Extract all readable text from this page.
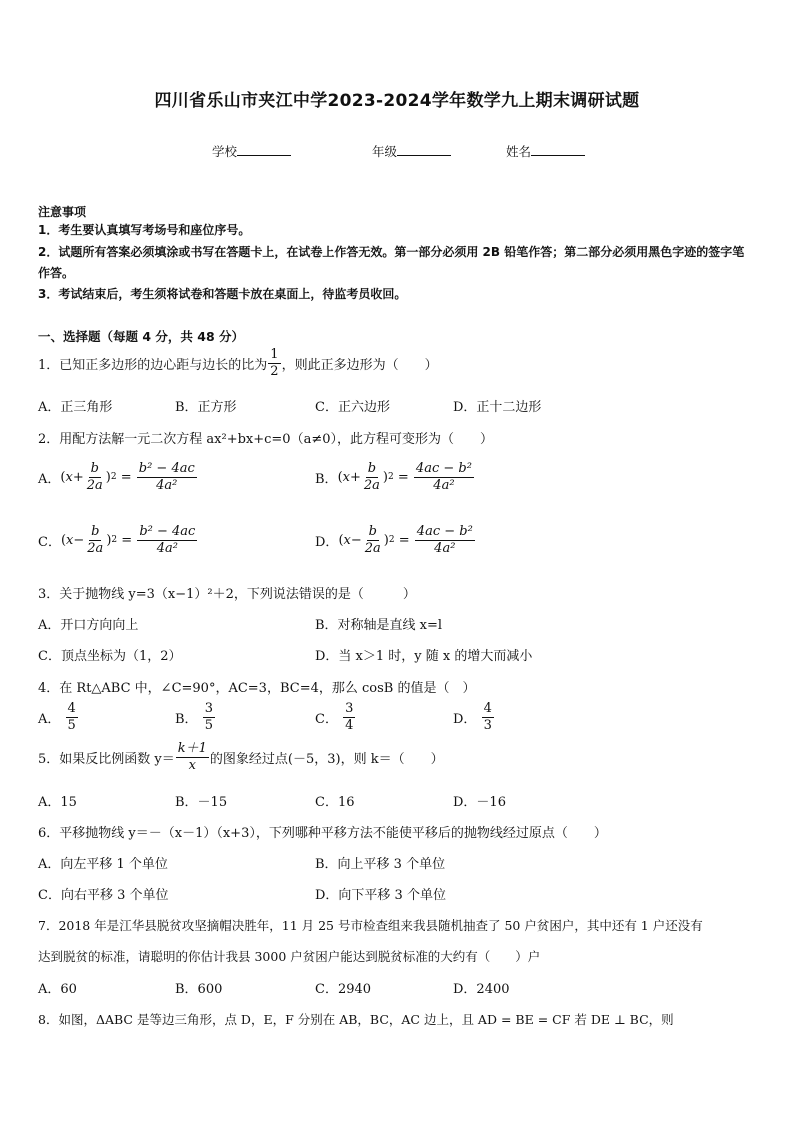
四川省乐山市夹江中学2023-2024学年数学九上期末调研试题
学校	年级	姓名
注意事项
1．考生要认真填写考场号和座位序号。
2．试题所有答案必须填涂或书写在答题卡上，在试卷上作答无效。第一部分必须用 2B 铅笔作答；第二部分必须用黑色字迹的签字笔作答。
3．考试结束后，考生须将试卷和答题卡放在桌面上，待监考员收回。
一、选择题（每题 4 分，共 48 分）
1．已知正多边形的边心距与边长的比为 $\frac{1}{2}$ ，则此正多边形为（　　）
A．正三角形	B．正方形	C．正六边形	D．正十二边形
2．用配方法解一元二次方程 ax²+bx+c=0（a≠0），此方程可变形为（　　）
A． ( $x + \frac{b}{2a}$ ) 2
=
$\frac{\text{b² − 4ac}}{\text{4a²}}$	B． ( $x + \frac{b}{2a}$ ) 2
=
$\frac{\text{4ac − b²}}{\text{4a²}}$
C． ( $x - \frac{b}{2a}$ ) 2
=
$\frac{\text{b² − 4ac}}{\text{4a²}}$	D． ( $x - \frac{b}{2a}$ ) 2
=
$\frac{\text{4ac − b²}}{\text{4a²}}$
3．关于抛物线 y=3（x−1）²＋2，下列说法错误的是（　　　）
A．开口方向向上	B．对称轴是直线 x=l
C．顶点坐标为（1，2）	D．当 x＞1 时，y 随 x 的增大而减小
4．在 Rt△ABC 中，∠C=90°，AC=3，BC=4，那么 cosB 的值是（　）
A．
$\frac{4}{5}$	B．
$\frac{3}{5}$	C．
$\frac{3}{4}$	D．
$\frac{4}{3}$
5．如果反比例函数 $y= \frac{k+1}{x}$ 的图象经过点(－5，3)，则 k＝（　　）
A．15	B．－15	C．16	D．－16
6．平移抛物线 y＝－（x－1）（x+3），下列哪种平移方法不能使平移后的抛物线经过原点（　　）
A．向左平移 1 个单位	B．向上平移 3 个单位
C．向右平移 3 个单位	D．向下平移 3 个单位
7．2018 年是江华县脱贫攻坚摘帽决胜年，11 月 25 号市检查组来我县随机抽查了 50 户贫困户，其中还有 1 户还没有
达到脱贫的标准，请聪明的你估计我县 3000 户贫困户能达到脱贫标准的大约有（　　）户
A．60	B．600	C．2940	D．2400
8．如图，ΔABC 是等边三角形，点 D，E，F 分别在 AB，BC，AC 边上，且 AD = BE = CF 若 DE ⊥ BC，则
